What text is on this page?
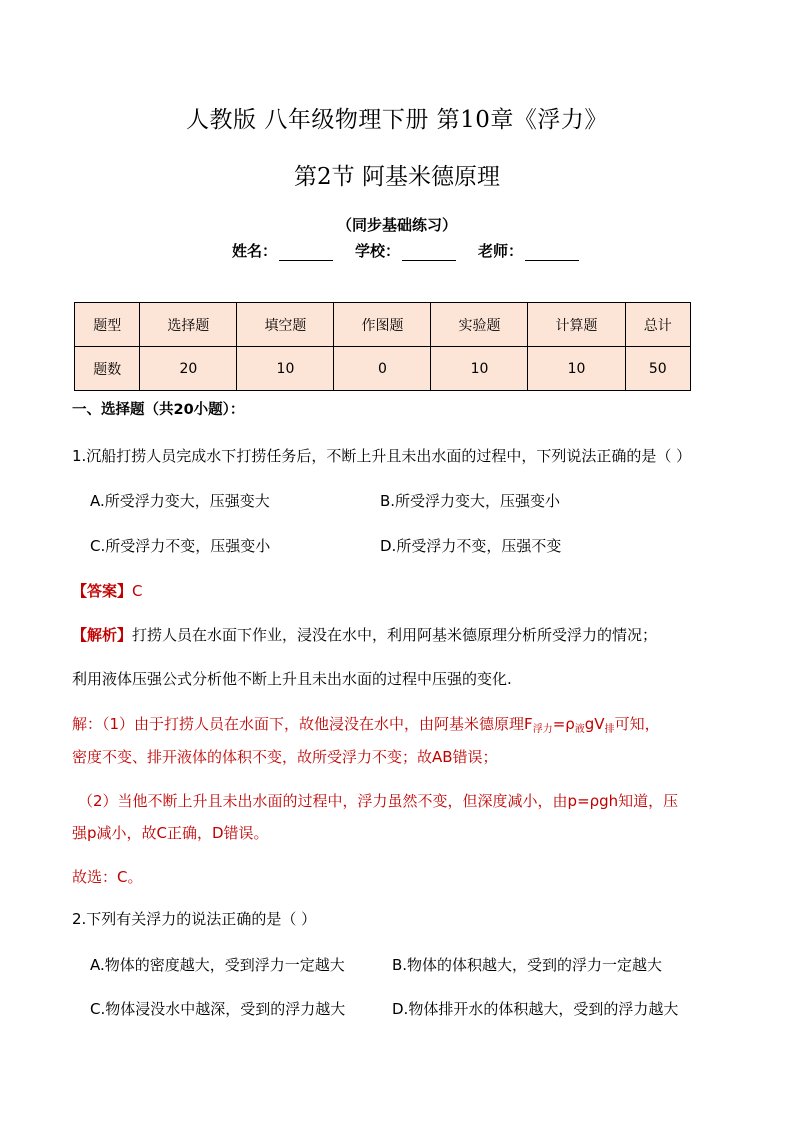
人教版 八年级物理下册 第10章《浮力》
第2节 阿基米德原理
（同步基础练习）
姓名：	学校：	老师：
题型	选择题	填空题	作图题	实验题	计算题	总计
题数	20	10	0	10	10	50
一、选择题（共20小题）：
1.沉船打捞人员完成水下打捞任务后，不断上升且未出水面的过程中，下列说法正确的是（ ）
A.所受浮力变大，压强变大	B.所受浮力变大，压强变小
C.所受浮力不变，压强变小	D.所受浮力不变，压强不变
【答案】C
【解析】打捞人员在水面下作业，浸没在水中，利用阿基米德原理分析所受浮力的情况；
利用液体压强公式分析他不断上升且未出水面的过程中压强的变化.
解：（1）由于打捞人员在水面下，故他浸没在水中，由阿基米德原理$F_{浮力}=\rho_液gV_排$可知，
密度不变、排开液体的体积不变，故所受浮力不变；故AB错误；
（2）当他不断上升且未出水面的过程中，浮力虽然不变，但深度减小，由p=ρgh知道，压
强p减小，故C正确，D错误。
故选：C。
2.下列有关浮力的说法正确的是（ ）
A.物体的密度越大，受到浮力一定越大	B.物体的体积越大，受到的浮力一定越大
C.物体浸没水中越深，受到的浮力越大	D.物体排开水的体积越大，受到的浮力越大
